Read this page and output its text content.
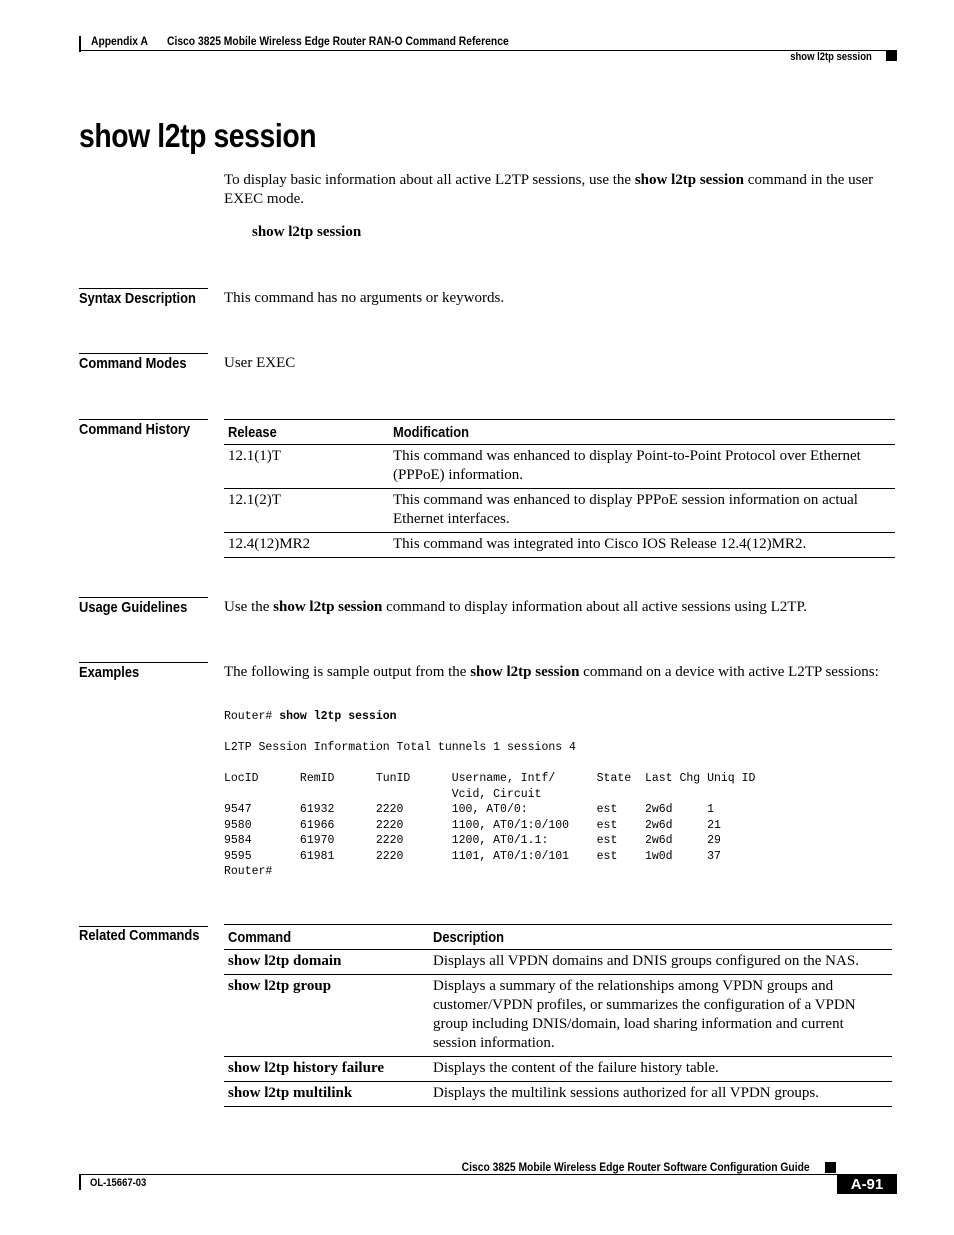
Appendix A Cisco 3825 Mobile Wireless Edge Router RAN-O Command Reference
show l2tp session
show l2tp session
To display basic information about all active L2TP sessions, use the show l2tp session command in the user EXEC mode.
show l2tp session
Syntax Description This command has no arguments or keywords.
Command Modes User EXEC
Command History	Release	Modification
12.1(1)T	This command was enhanced to display Point-to-Point Protocol over Ethernet (PPPoE) information.
12.1(2)T	This command was enhanced to display PPPoE session information on actual Ethernet interfaces.
12.4(12)MR2	This command was integrated into Cisco IOS Release 12.4(12)MR2.
Usage Guidelines Use the show l2tp session command to display information about all active sessions using L2TP.
Examples	The following is sample output from the show l2tp session command on a device with active L2TP sessions:
Router# show l2tp session
L2TP Session Information Total tunnels 1 sessions 4

LocID      RemID      TunID      Username, Intf/      State  Last Chg Uniq ID
Vcid, Circuit
9547       61932      2220       100, AT0/0:          est    2w6d     1
9580       61966      2220       1100, AT0/1:0/100    est    2w6d     21
9584       61970      2220       1200, AT0/1.1:       est    2w6d     29
9595       61981      2220       1101, AT0/1:0/101    est    1w0d     37
Router#
Related Commands Command	Description
show l2tp domain	Displays all VPDN domains and DNIS groups configured on the NAS.
show l2tp group	Displays a summary of the relationships among VPDN groups and customer/VPDN profiles, or summarizes the configuration of a VPDN group including DNIS/domain, load sharing information and current session information.
show l2tp history failure	Displays the content of the failure history table.
show l2tp multilink	Displays the multilink sessions authorized for all VPDN groups.
Cisco 3825 Mobile Wireless Edge Router Software Configuration Guide
OL-15667-03	A-91
